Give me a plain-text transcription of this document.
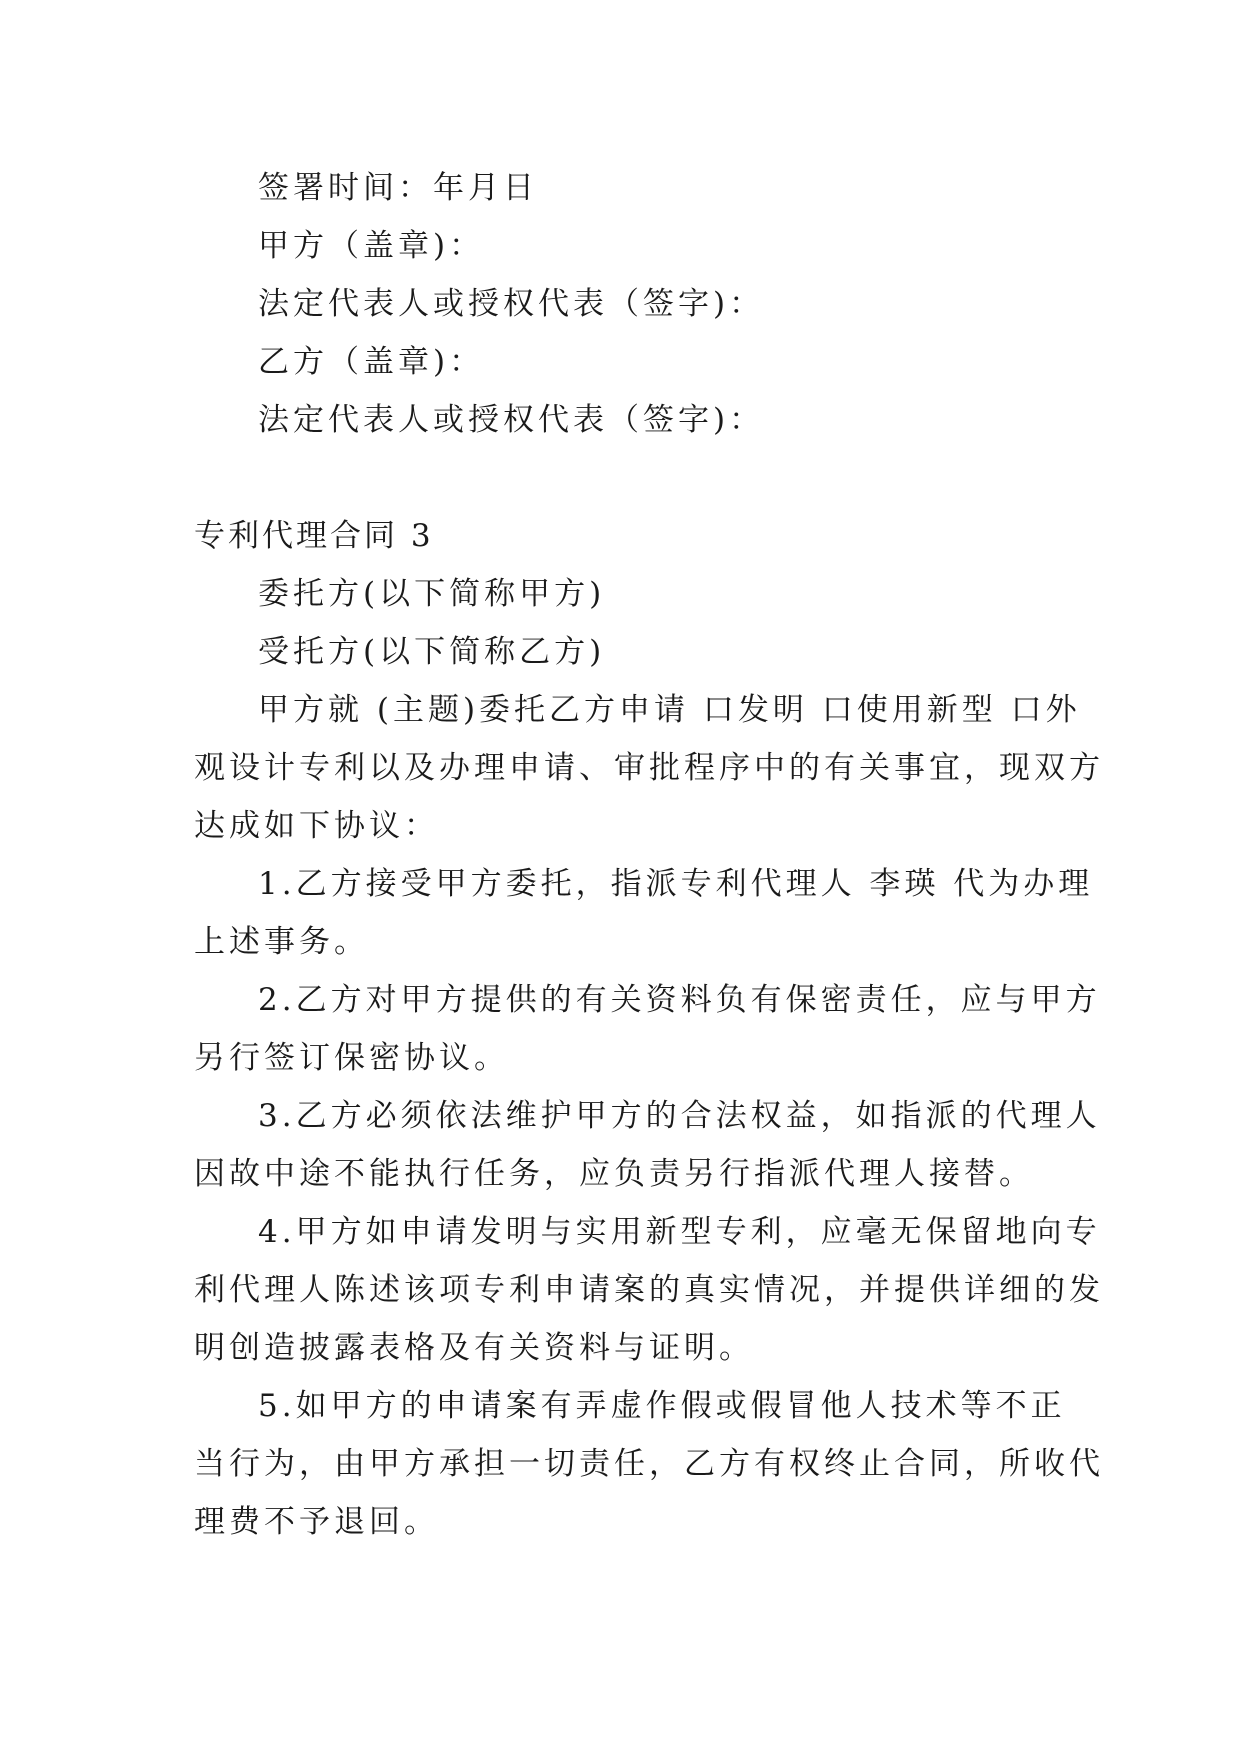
签署时间：年月日

甲方（盖章)：

法定代表人或授权代表（签字)：

乙方（盖章)：

法定代表人或授权代表（签字)：

专利代理合同 3

委托方(以下简称甲方)

受托方(以下简称乙方)

甲方就 (主题)委托乙方申请 口发明 口使用新型 口外

观设计专利以及办理申请、审批程序中的有关事宜，现双方

达成如下协议：

1.乙方接受甲方委托，指派专利代理人 李瑛 代为办理

上述事务。

2.乙方对甲方提供的有关资料负有保密责任，应与甲方

另行签订保密协议。

3.乙方必须依法维护甲方的合法权益，如指派的代理人

因故中途不能执行任务，应负责另行指派代理人接替。

4.甲方如申请发明与实用新型专利，应毫无保留地向专

利代理人陈述该项专利申请案的真实情况，并提供详细的发

明创造披露表格及有关资料与证明。

5.如甲方的申请案有弄虚作假或假冒他人技术等不正

当行为，由甲方承担一切责任，乙方有权终止合同，所收代

理费不予退回。
